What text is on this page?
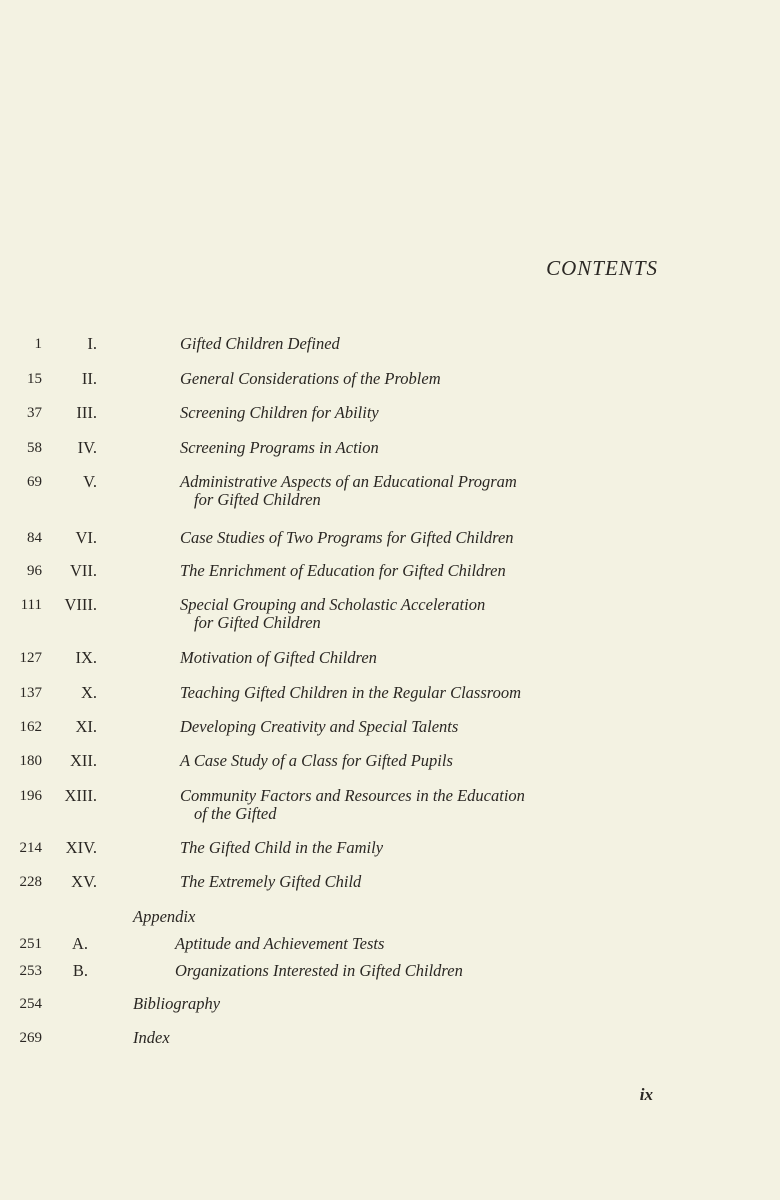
CONTENTS
1	I.	Gifted Children Defined
15 II.	General Considerations of the Problem
37 III.	Screening Children for Ability
58 IV.	Screening Programs in Action
69 V.	Administrative Aspects of an Educational Program
for Gifted Children
84 VI.	Case Studies of Two Programs for Gifted Children
96 VII.	The Enrichment of Education for Gifted Children
111 VIII.	Special Grouping and Scholastic Acceleration
for Gifted Children
127 IX.	Motivation of Gifted Children
137 X.	Teaching Gifted Children in the Regular Classroom
162 XI.	Developing Creativity and Special Talents
180 XII.	A Case Study of a Class for Gifted Pupils
196 XIII.	Community Factors and Resources in the Education
of the Gifted
214 XIV.	The Gifted Child in the Family
228 XV.	The Extremely Gifted Child
Appendix
251 A.	Aptitude and Achievement Tests
253 B.	Organizations Interested in Gifted Children
254	Bibliography
269	Index
ix
